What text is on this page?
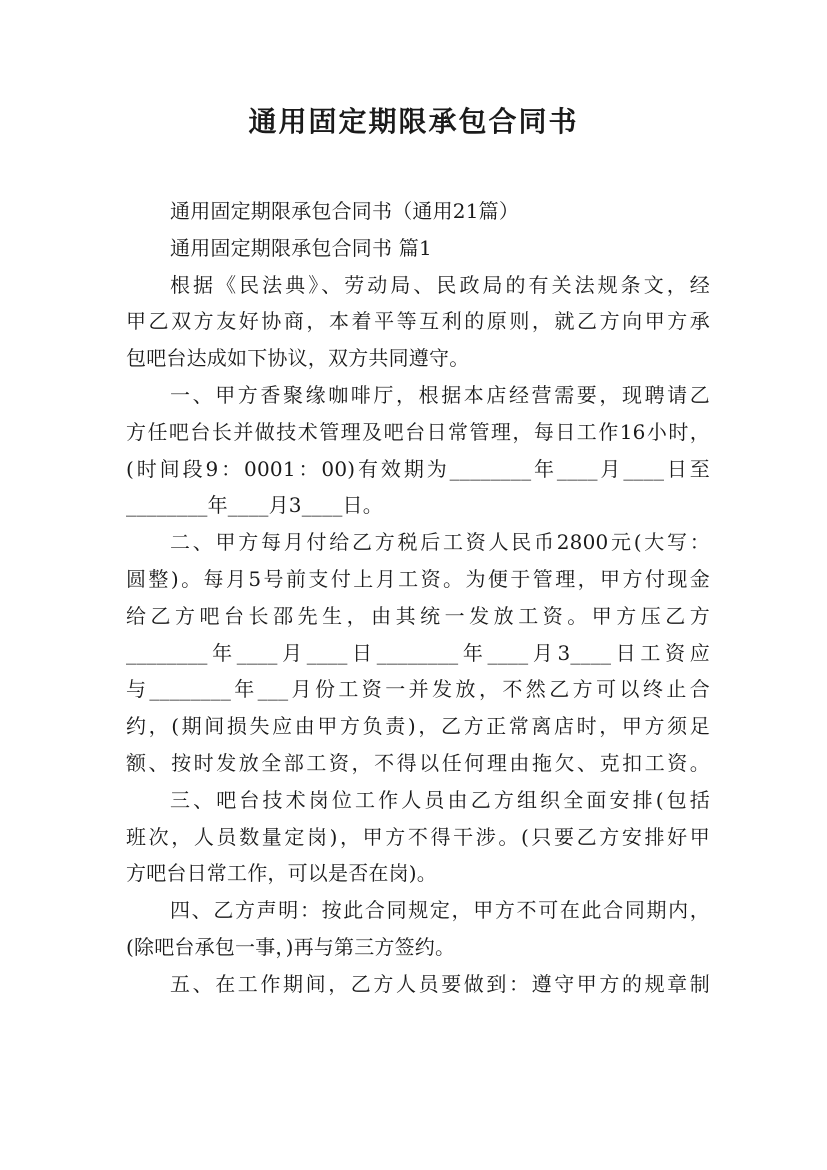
通用固定期限承包合同书
通用固定期限承包合同书（通用21篇）
通用固定期限承包合同书 篇1
根据《民法典》、劳动局、民政局的有关法规条文，经
甲乙双方友好协商，本着平等互利的原则，就乙方向甲方承
包吧台达成如下协议，双方共同遵守。
一、甲方香聚缘咖啡厅，根据本店经营需要，现聘请乙
方任吧台长并做技术管理及吧台日常管理，每日工作16小时，
(时间段9：0001：00)有效期为________年____月____日至
________年____月3____日。
二、甲方每月付给乙方税后工资人民币2800元(大写：
圆整)。每月5号前支付上月工资。为便于管理，甲方付现金
给乙方吧台长邵先生，由其统一发放工资。甲方压乙方
________年____月____日________年____月3____日工资应
与________年___月份工资一并发放，不然乙方可以终止合
约，(期间损失应由甲方负责)，乙方正常离店时，甲方须足
额、按时发放全部工资，不得以任何理由拖欠、克扣工资。
三、吧台技术岗位工作人员由乙方组织全面安排(包括
班次，人员数量定岗)，甲方不得干涉。(只要乙方安排好甲
方吧台日常工作，可以是否在岗)。
四、乙方声明：按此合同规定，甲方不可在此合同期内，
(除吧台承包一事，)再与第三方签约。
五、在工作期间，乙方人员要做到：遵守甲方的规章制
